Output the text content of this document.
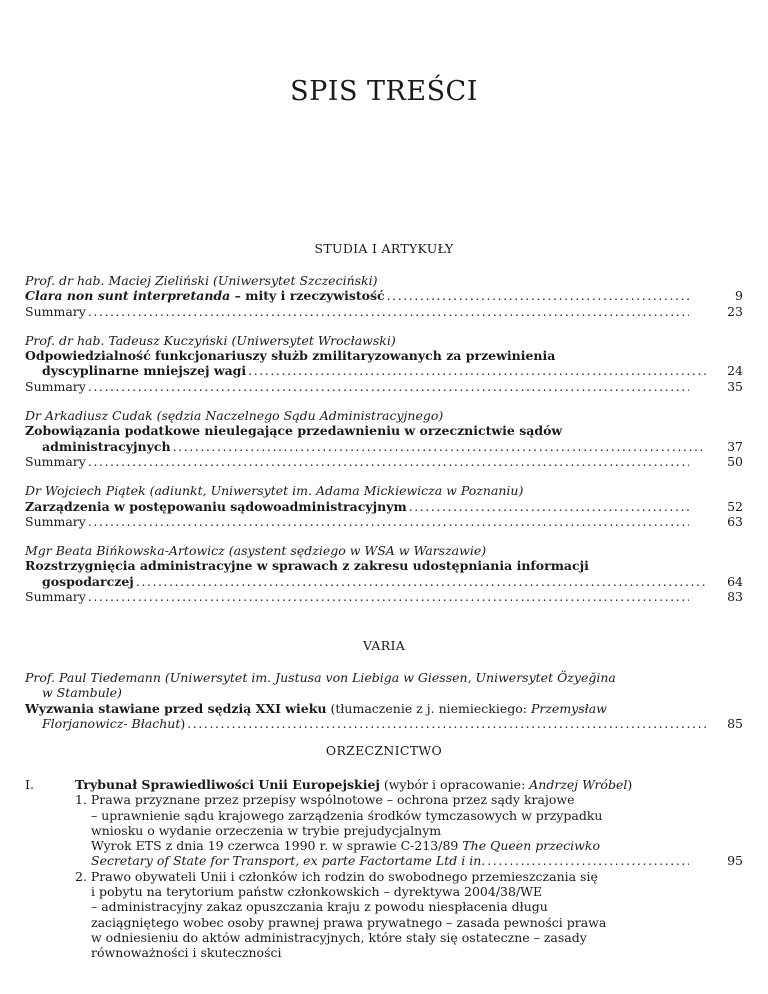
SPIS TREŚCI
STUDIA I ARTYKUŁY
Prof. dr hab. Maciej Zieliński (Uniwersytet Szczeciński)
Clara non sunt interpretanda – mity i rzeczywistość . . .	9
Summary . . .	23
Prof. dr hab. Tadeusz Kuczyński (Uniwersytet Wrocławski)
Odpowiedzialność funkcjonariuszy służb zmilitaryzowanych za przewinienia
dyscyplinarne mniejszej wagi . . .	24
Summary . . .	35
Dr Arkadiusz Cudak (sędzia Naczelnego Sądu Administracyjnego)
Zobowiązania podatkowe nieulegające przedawnieniu w orzecznictwie sądów
administracyjnych . . .	37
Summary . . .	50
Dr Wojciech Piątek (adiunkt, Uniwersytet im. Adama Mickiewicza w Poznaniu)
Zarządzenia w postępowaniu sądowoadministracyjnym . . .	52
Summary . . .	63
Mgr Beata Bińkowska-Artowicz (asystent sędziego w WSA w Warszawie)
Rozstrzygnięcia administracyjne w sprawach z zakresu udostępniania informacji
gospodarczej . . .	64
Summary . . .	83
VARIA
Prof. Paul Tiedemann (Uniwersytet im. Justusa von Liebiga w Giessen, Uniwersytet Özyeğina
w Stambule)
Wyzwania stawiane przed sędzią XXI wieku (tłumaczenie z j. niemieckiego: Przemysław
Florjanowicz- Błachut) . . .	85
ORZECZNICTWO
I.	Trybunał Sprawiedliwości Unii Europejskiej (wybór i opracowanie: Andrzej Wróbel)
1. Prawa przyznane przez przepisy wspólnotowe – ochrona przez sądy krajowe
– uprawnienie sądu krajowego zarządzenia środków tymczasowych w przypadku
wniosku o wydanie orzeczenia w trybie prejudycjalnym
Wyrok ETS z dnia 19 czerwca 1990 r. w sprawie C-213/89 The Queen przeciwko
Secretary of State for Transport, ex parte Factortame Ltd i in. . . .	95
2. Prawo obywateli Unii i członków ich rodzin do swobodnego przemieszczania się
i pobytu na terytorium państw członkowskich – dyrektywa 2004/38/WE
– administracyjny zakaz opuszczania kraju z powodu niespłacenia długu
zaciągniętego wobec osoby prawnej prawa prywatnego – zasada pewności prawa
w odniesieniu do aktów administracyjnych, które stały się ostateczne – zasady
równoważności i skuteczności
